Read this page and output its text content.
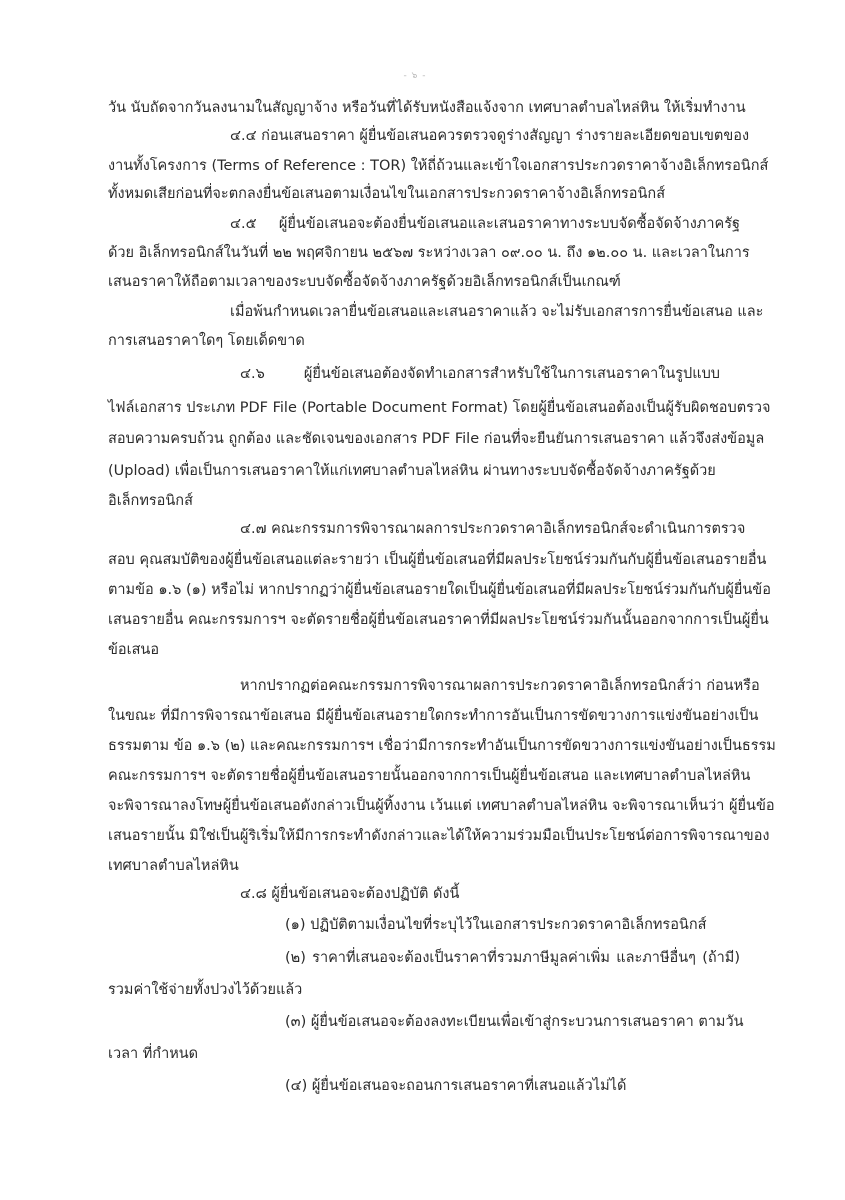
- ๖ -
วัน นับถัดจากวันลงนามในสัญญาจ้าง หรือวันที่ได้รับหนังสือแจ้งจาก เทศบาลตำบลไหล่หิน ให้เริ่มทำงาน
๔.๔ ก่อนเสนอราคา ผู้ยื่นข้อเสนอควรตรวจดูร่างสัญญา ร่างรายละเอียดขอบเขตของ
งานทั้งโครงการ (Terms of Reference : TOR) ให้ถี่ถ้วนและเข้าใจเอกสารประกวดราคาจ้างอิเล็กทรอนิกส์
ทั้งหมดเสียก่อนที่จะตกลงยื่นข้อเสนอตามเงื่อนไขในเอกสารประกวดราคาจ้างอิเล็กทรอนิกส์
๔.๕ ผู้ยื่นข้อเสนอจะต้องยื่นข้อเสนอและเสนอราคาทางระบบจัดซื้อจัดจ้างภาครัฐ
ด้วย อิเล็กทรอนิกส์ในวันที่ ๒๒ พฤศจิกายน ๒๕๖๗ ระหว่างเวลา ๐๙.๐๐ น. ถึง ๑๒.๐๐ น. และเวลาในการ
เสนอราคาให้ถือตามเวลาของระบบจัดซื้อจัดจ้างภาครัฐด้วยอิเล็กทรอนิกส์เป็นเกณฑ์
เมื่อพ้นกำหนดเวลายื่นข้อเสนอและเสนอราคาแล้ว จะไม่รับเอกสารการยื่นข้อเสนอ และ
การเสนอราคาใดๆ โดยเด็ดขาด
๔.๖ ผู้ยื่นข้อเสนอต้องจัดทำเอกสารสำหรับใช้ในการเสนอราคาในรูปแบบ
ไฟล์เอกสาร ประเภท PDF File (Portable Document Format) โดยผู้ยื่นข้อเสนอต้องเป็นผู้รับผิดชอบตรวจ
สอบความครบถ้วน ถูกต้อง และชัดเจนของเอกสาร PDF File ก่อนที่จะยืนยันการเสนอราคา แล้วจึงส่งข้อมูล
(Upload) เพื่อเป็นการเสนอราคาให้แก่เทศบาลตำบลไหล่หิน ผ่านทางระบบจัดซื้อจัดจ้างภาครัฐด้วย
อิเล็กทรอนิกส์
๔.๗ คณะกรรมการพิจารณาผลการประกวดราคาอิเล็กทรอนิกส์จะดำเนินการตรวจ
สอบ คุณสมบัติของผู้ยื่นข้อเสนอแต่ละรายว่า เป็นผู้ยื่นข้อเสนอที่มีผลประโยชน์ร่วมกันกับผู้ยื่นข้อเสนอรายอื่น
ตามข้อ ๑.๖ (๑) หรือไม่ หากปรากฏว่าผู้ยื่นข้อเสนอรายใดเป็นผู้ยื่นข้อเสนอที่มีผลประโยชน์ร่วมกันกับผู้ยื่นข้อ
เสนอรายอื่น คณะกรรมการฯ จะตัดรายชื่อผู้ยื่นข้อเสนอราคาที่มีผลประโยชน์ร่วมกันนั้นออกจากการเป็นผู้ยื่น
ข้อเสนอ
หากปรากฏต่อคณะกรรมการพิจารณาผลการประกวดราคาอิเล็กทรอนิกส์ว่า ก่อนหรือ
ในขณะ ที่มีการพิจารณาข้อเสนอ มีผู้ยื่นข้อเสนอรายใดกระทำการอันเป็นการขัดขวางการแข่งขันอย่างเป็น
ธรรมตาม ข้อ ๑.๖ (๒) และคณะกรรมการฯ เชื่อว่ามีการกระทำอันเป็นการขัดขวางการแข่งขันอย่างเป็นธรรม
คณะกรรมการฯ จะตัดรายชื่อผู้ยื่นข้อเสนอรายนั้นออกจากการเป็นผู้ยื่นข้อเสนอ และเทศบาลตำบลไหล่หิน
จะพิจารณาลงโทษผู้ยื่นข้อเสนอดังกล่าวเป็นผู้ทิ้งงาน เว้นแต่ เทศบาลตำบลไหล่หิน จะพิจารณาเห็นว่า ผู้ยื่นข้อ
เสนอรายนั้น มิใช่เป็นผู้ริเริ่มให้มีการกระทำดังกล่าวและได้ให้ความร่วมมือเป็นประโยชน์ต่อการพิจารณาของ
เทศบาลตำบลไหล่หิน
๔.๘ ผู้ยื่นข้อเสนอจะต้องปฏิบัติ ดังนี้
(๑) ปฏิบัติตามเงื่อนไขที่ระบุไว้ในเอกสารประกวดราคาอิเล็กทรอนิกส์
(๒) ราคาที่เสนอจะต้องเป็นราคาที่รวมภาษีมูลค่าเพิ่ม และภาษีอื่นๆ (ถ้ามี)
รวมค่าใช้จ่ายทั้งปวงไว้ด้วยแล้ว
(๓) ผู้ยื่นข้อเสนอจะต้องลงทะเบียนเพื่อเข้าสู่กระบวนการเสนอราคา ตามวัน
เวลา ที่กำหนด
(๔) ผู้ยื่นข้อเสนอจะถอนการเสนอราคาที่เสนอแล้วไม่ได้
